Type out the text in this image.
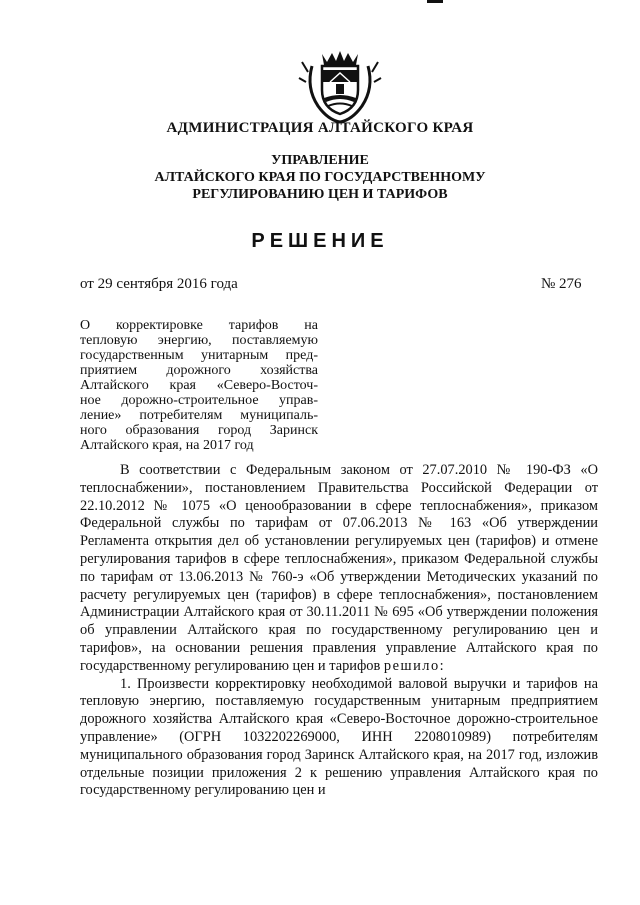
АДМИНИСТРАЦИЯ АЛТАЙСКОГО КРАЯ
УПРАВЛЕНИЕ
АЛТАЙСКОГО КРАЯ ПО ГОСУДАРСТВЕННОМУ
РЕГУЛИРОВАНИЮ ЦЕН И ТАРИФОВ
РЕШЕНИЕ
от 29 сентября 2016 года	№ 276
О корректировке тарифов на
тепловую энергию, поставляемую
государственным унитарным пред-
приятием дорожного хозяйства
Алтайского края «Северо-Восточ-
ное дорожно-строительное управ-
ление» потребителям муниципаль-
ного образования город Заринск
Алтайского края, на 2017 год

В соответствии с Федеральным законом от 27.07.2010 № 190-ФЗ «О теплоснабжении», постановлением Правительства Российской Федерации от 22.10.2012 № 1075 «О ценообразовании в сфере теплоснабжения», приказом Федеральной службы по тарифам от 07.06.2013 № 163 «Об утверждении Регламента открытия дел об установлении регулируемых цен (тарифов) и отмене регулирования тарифов в сфере теплоснабжения», приказом Федеральной службы по тарифам от 13.06.2013 № 760-э «Об утверждении Методических указаний по расчету регулируемых цен (тарифов) в сфере теплоснабжения», постановлением Администрации Алтайского края от 30.11.2011 № 695 «Об утверждении положения об управлении Алтайского края по государственному регулированию цен и тарифов», на основании решения правления управление Алтайского края по государственному регулированию цен и тарифов решило:

1. Произвести корректировку необходимой валовой выручки и тарифов на тепловую энергию, поставляемую государственным унитарным предприятием дорожного хозяйства Алтайского края «Северо-Восточное дорожно-строительное управление» (ОГРН 1032202269000, ИНН 2208010989) потребителям муниципального образования город Заринск Алтайского края, на 2017 год, изложив отдельные позиции приложения 2 к решению управления Алтайского края по государственному регулированию цен и
